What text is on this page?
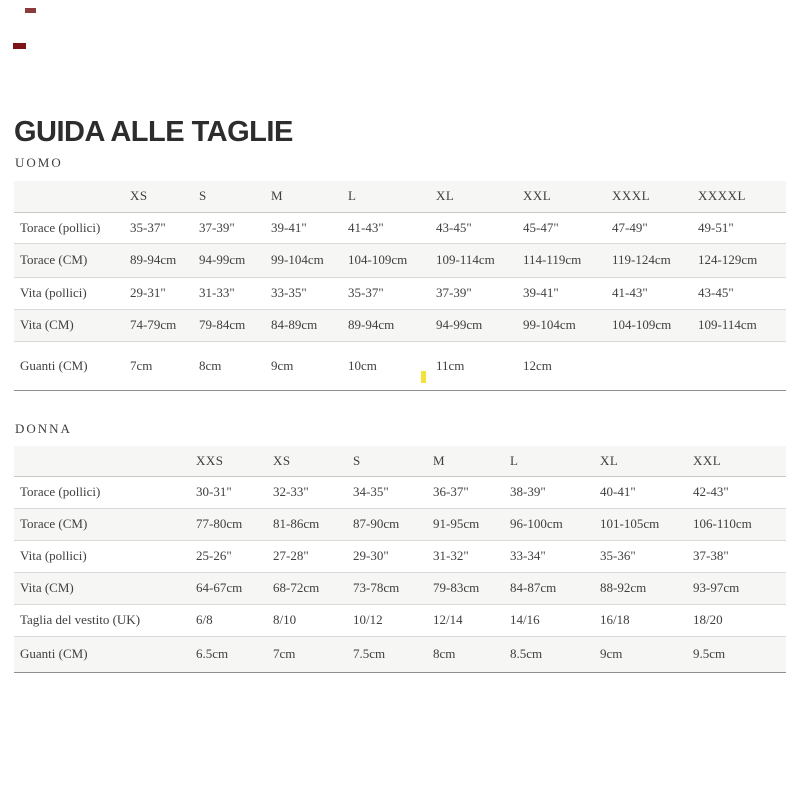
GUIDA ALLE TAGLIE
UOMO
	XS	S	M	L	XL	XXL	XXXL	XXXXL
Torace (pollici)	35-37"	37-39"	39-41"	41-43"	43-45"	45-47"	47-49"	49-51"
Torace (CM)	89-94cm	94-99cm	99-104cm	104-109cm	109-114cm	114-119cm	119-124cm	124-129cm
Vita (pollici)	29-31"	31-33"	33-35"	35-37"	37-39"	39-41"	41-43"	43-45"
Vita (CM)	74-79cm	79-84cm	84-89cm	89-94cm	94-99cm	99-104cm	104-109cm	109-114cm
Guanti (CM)	7cm	8cm	9cm	10cm	11cm	12cm		
DONNA
	XXS	XS	S	M	L	XL	XXL
Torace (pollici)	30-31"	32-33"	34-35"	36-37"	38-39"	40-41"	42-43"
Torace (CM)	77-80cm	81-86cm	87-90cm	91-95cm	96-100cm	101-105cm	106-110cm
Vita (pollici)	25-26"	27-28"	29-30"	31-32"	33-34"	35-36"	37-38"
Vita (CM)	64-67cm	68-72cm	73-78cm	79-83cm	84-87cm	88-92cm	93-97cm
Taglia del vestito (UK)	6/8	8/10	10/12	12/14	14/16	16/18	18/20
Guanti (CM)	6.5cm	7cm	7.5cm	8cm	8.5cm	9cm	9.5cm
